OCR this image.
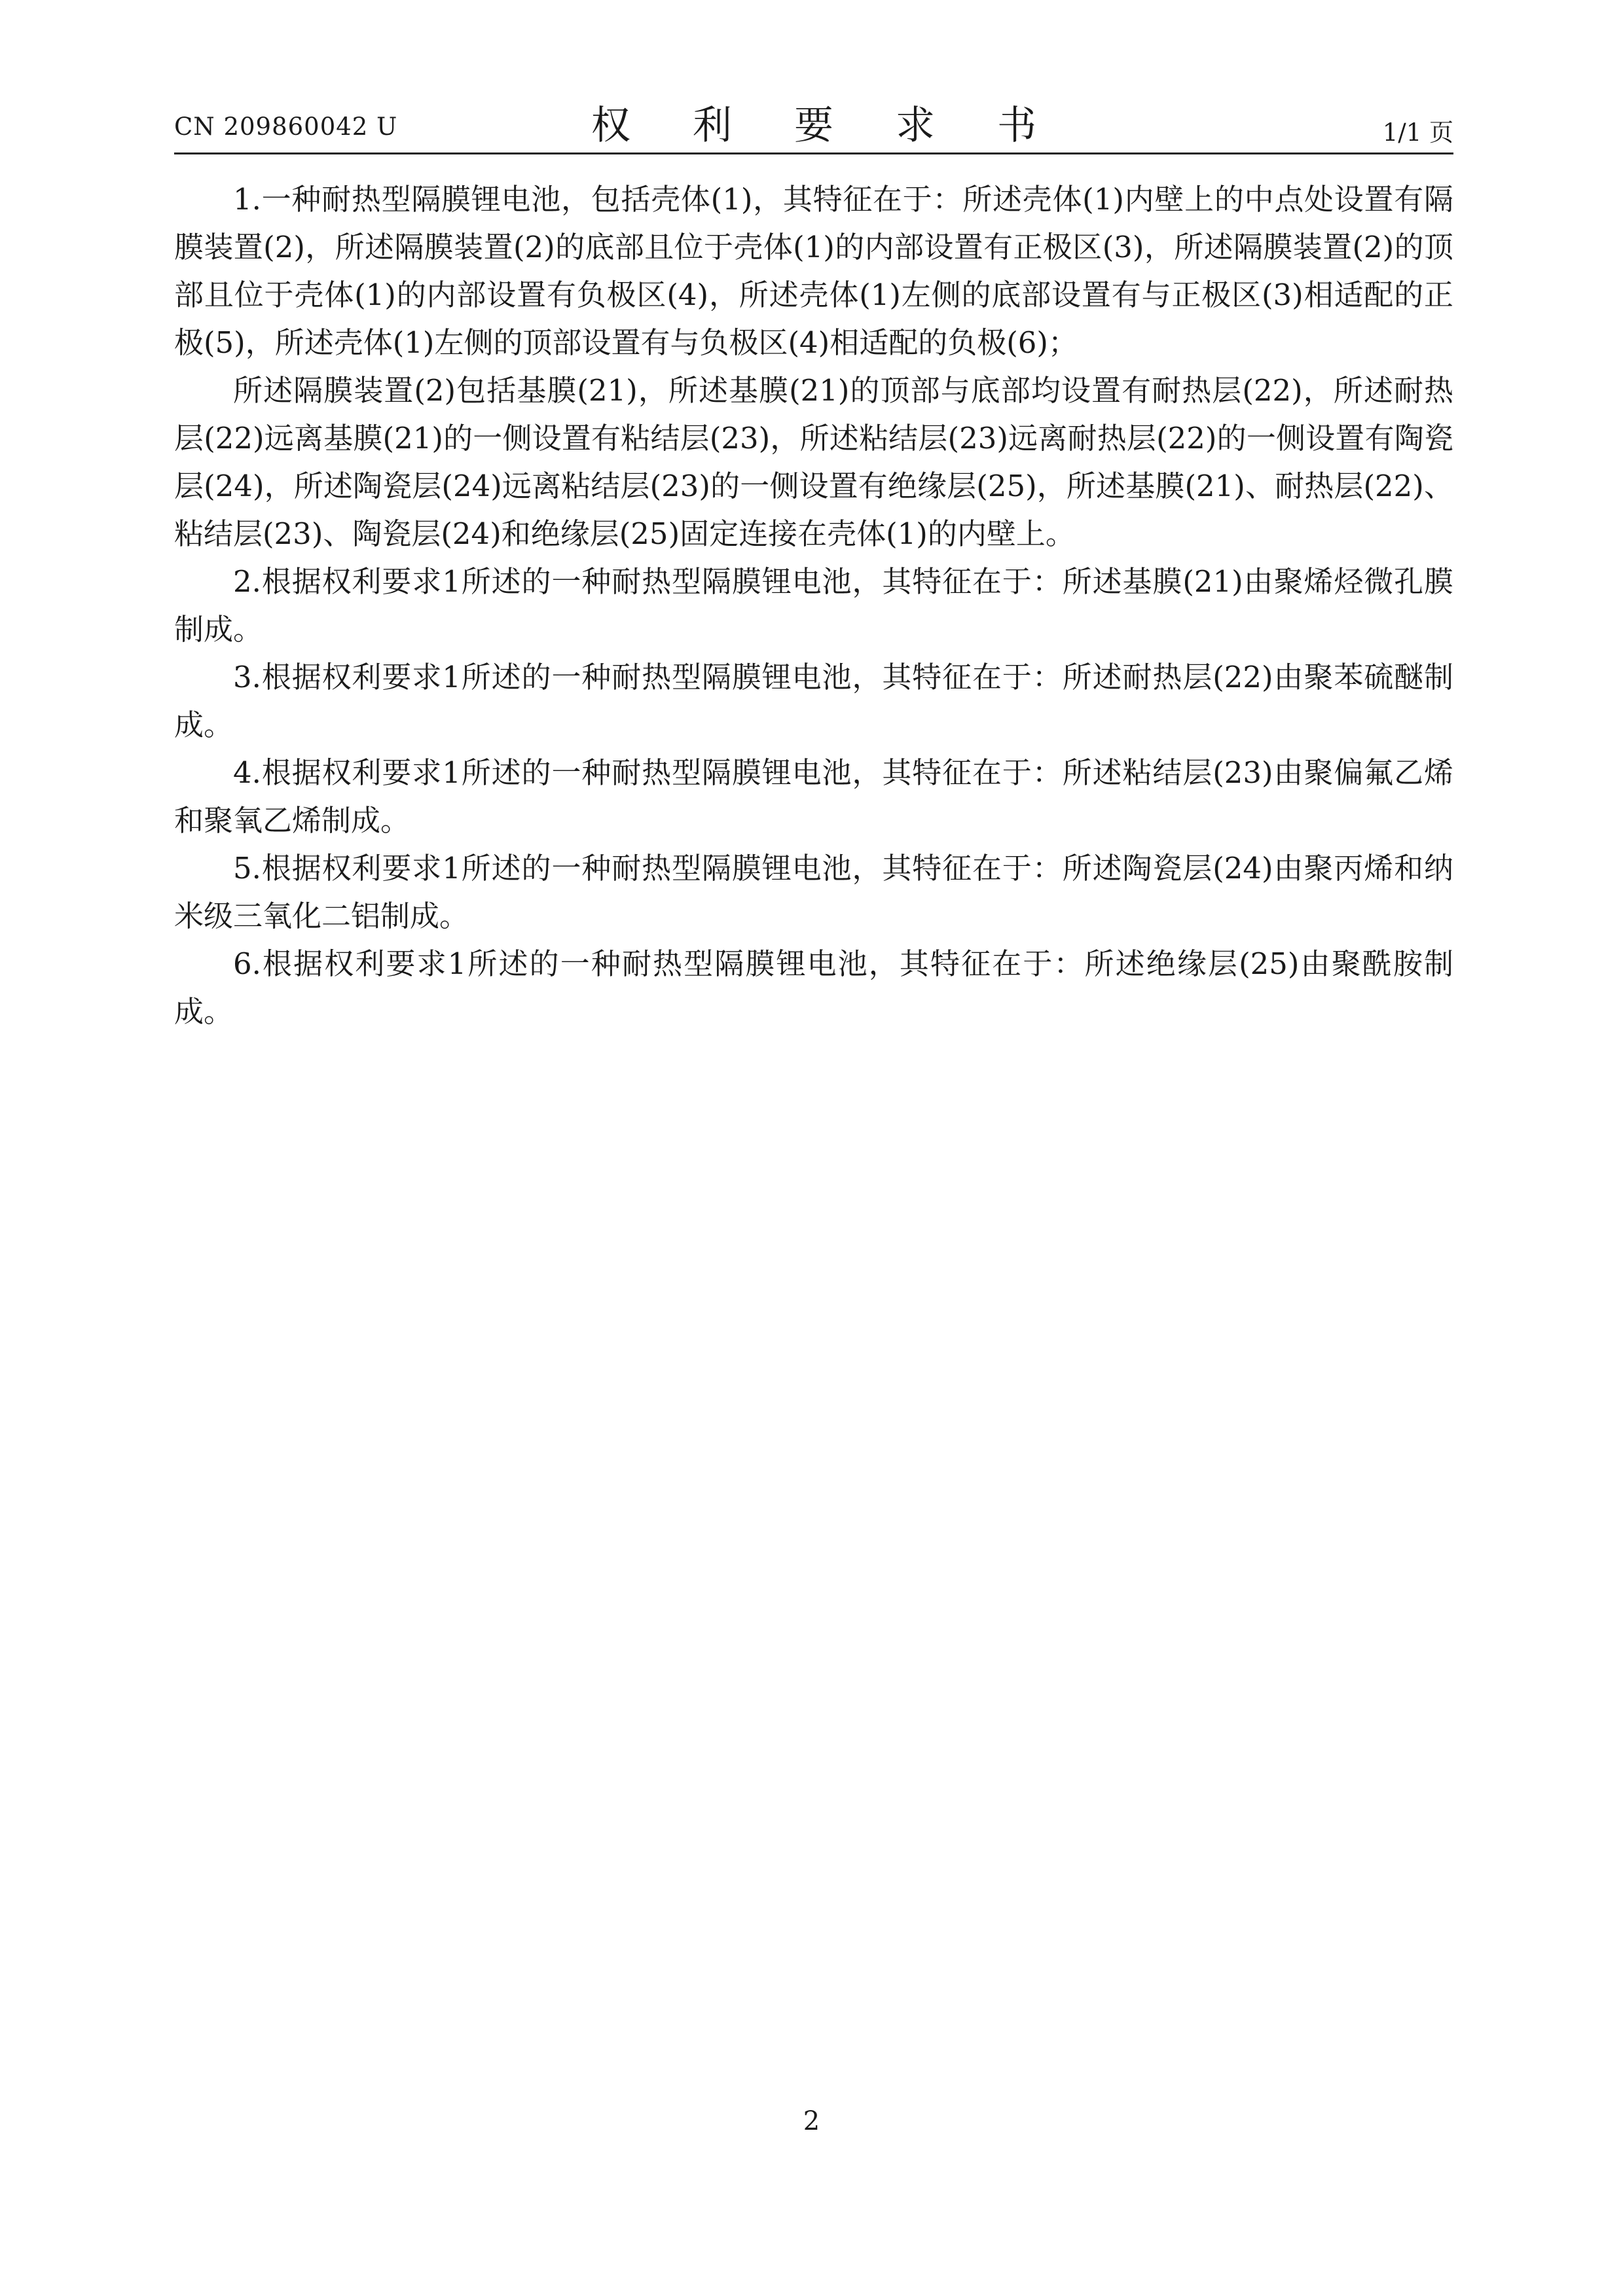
CN 209860042 U	权 利 要 求 书	1/1 页

1.一种耐热型隔膜锂电池，包括壳体(1)，其特征在于：所述壳体(1)内壁上的中点处设置有隔膜装置(2)，所述隔膜装置(2)的底部且位于壳体(1)的内部设置有正极区(3)，所述隔膜装置(2)的顶部且位于壳体(1)的内部设置有负极区(4)，所述壳体(1)左侧的底部设置有与正极区(3)相适配的正极(5)，所述壳体(1)左侧的顶部设置有与负极区(4)相适配的负极(6)；

所述隔膜装置(2)包括基膜(21)，所述基膜(21)的顶部与底部均设置有耐热层(22)，所述耐热层(22)远离基膜(21)的一侧设置有粘结层(23)，所述粘结层(23)远离耐热层(22)的一侧设置有陶瓷层(24)，所述陶瓷层(24)远离粘结层(23)的一侧设置有绝缘层(25)，所述基膜(21)、耐热层(22)、粘结层(23)、陶瓷层(24)和绝缘层(25)固定连接在壳体(1)的内壁上。

2.根据权利要求1所述的一种耐热型隔膜锂电池，其特征在于：所述基膜(21)由聚烯烃微孔膜制成。

3.根据权利要求1所述的一种耐热型隔膜锂电池，其特征在于：所述耐热层(22)由聚苯硫醚制成。

4.根据权利要求1所述的一种耐热型隔膜锂电池，其特征在于：所述粘结层(23)由聚偏氟乙烯和聚氧乙烯制成。

5.根据权利要求1所述的一种耐热型隔膜锂电池，其特征在于：所述陶瓷层(24)由聚丙烯和纳米级三氧化二铝制成。

6.根据权利要求1所述的一种耐热型隔膜锂电池，其特征在于：所述绝缘层(25)由聚酰胺制成。

2
